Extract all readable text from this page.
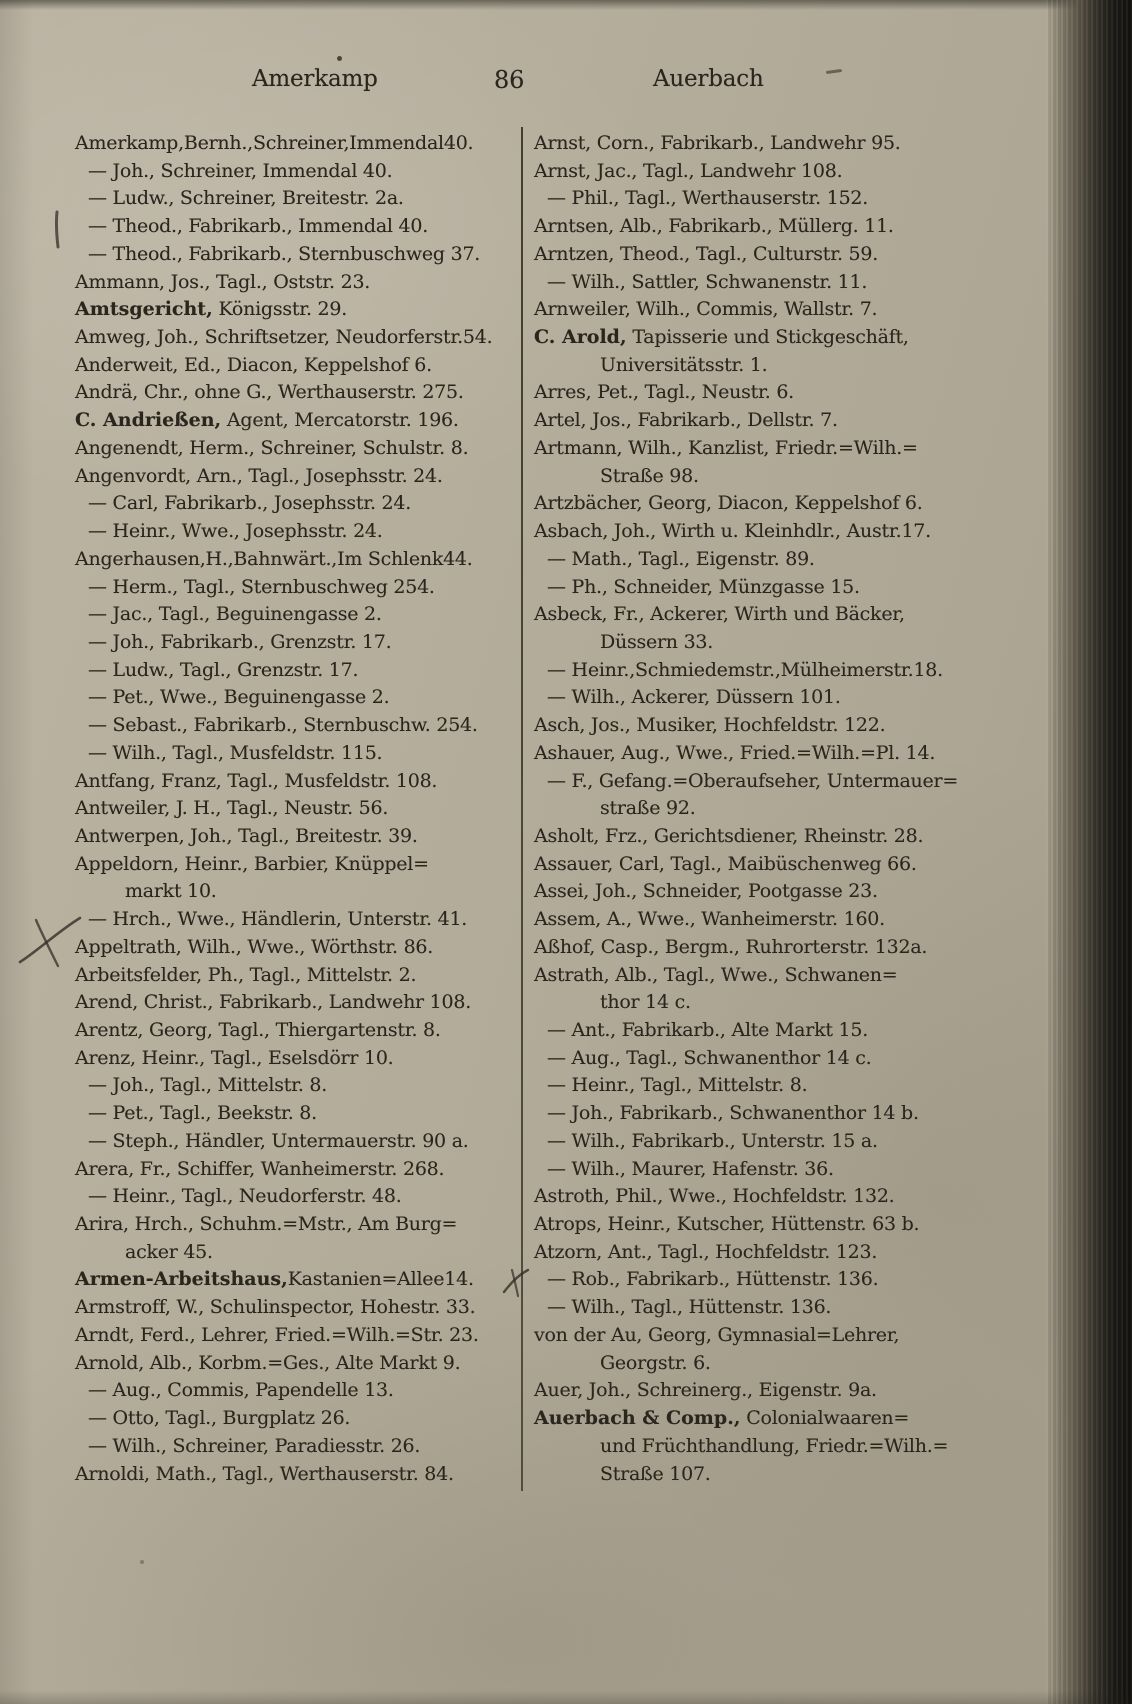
Amerkamp	86	Auerbach
Amerkamp,Bernh.,Schreiner,Immendal40.
— Joh., Schreiner, Immendal 40.
— Ludw., Schreiner, Breitestr. 2a.
— Theod., Fabrikarb., Immendal 40.
— Theod., Fabrikarb., Sternbuschweg 37.
Ammann, Jos., Tagl., Oststr. 23.
Amtsgericht, Königsstr. 29.
Amweg, Joh., Schriftsetzer, Neudorferstr.54.
Anderweit, Ed., Diacon, Keppelshof 6.
Andrä, Chr., ohne G., Werthauserstr. 275.
C. Andrießen, Agent, Mercatorstr. 196.
Angenendt, Herm., Schreiner, Schulstr. 8.
Angenvordt, Arn., Tagl., Josephsstr. 24.
— Carl, Fabrikarb., Josephsstr. 24.
— Heinr., Wwe., Josephsstr. 24.
Angerhausen,H.,Bahnwärt.,Im Schlenk44.
— Herm., Tagl., Sternbuschweg 254.
— Jac., Tagl., Beguinengasse 2.
— Joh., Fabrikarb., Grenzstr. 17.
— Ludw., Tagl., Grenzstr. 17.
— Pet., Wwe., Beguinengasse 2.
— Sebast., Fabrikarb., Sternbuschw. 254.
— Wilh., Tagl., Musfeldstr. 115.
Antfang, Franz, Tagl., Musfeldstr. 108.
Antweiler, J. H., Tagl., Neustr. 56.
Antwerpen, Joh., Tagl., Breitestr. 39.
Appeldorn, Heinr., Barbier, Knüppel=
markt 10.
— Hrch., Wwe., Händlerin, Unterstr. 41.
Appeltrath, Wilh., Wwe., Wörthstr. 86.
Arbeitsfelder, Ph., Tagl., Mittelstr. 2.
Arend, Christ., Fabrikarb., Landwehr 108.
Arentz, Georg, Tagl., Thiergartenstr. 8.
Arenz, Heinr., Tagl., Eselsdörr 10.
— Joh., Tagl., Mittelstr. 8.
— Pet., Tagl., Beekstr. 8.
— Steph., Händler, Untermauerstr. 90 a.
Arera, Fr., Schiffer, Wanheimerstr. 268.
— Heinr., Tagl., Neudorferstr. 48.
Arira, Hrch., Schuhm.=Mstr., Am Burg=
acker 45.
Armen-Arbeitshaus,Kastanien=Allee14.
Armstroff, W., Schulinspector, Hohestr. 33.
Arndt, Ferd., Lehrer, Fried.=Wilh.=Str. 23.
Arnold, Alb., Korbm.=Ges., Alte Markt 9.
— Aug., Commis, Papendelle 13.
— Otto, Tagl., Burgplatz 26.
— Wilh., Schreiner, Paradiesstr. 26.
Arnoldi, Math., Tagl., Werthauserstr. 84.
Arnst, Corn., Fabrikarb., Landwehr 95.
Arnst, Jac., Tagl., Landwehr 108.
— Phil., Tagl., Werthauserstr. 152.
Arntsen, Alb., Fabrikarb., Müllerg. 11.
Arntzen, Theod., Tagl., Culturstr. 59.
— Wilh., Sattler, Schwanenstr. 11.
Arnweiler, Wilh., Commis, Wallstr. 7.
C. Arold, Tapisserie und Stickgeschäft,
Universitätsstr. 1.
Arres, Pet., Tagl., Neustr. 6.
Artel, Jos., Fabrikarb., Dellstr. 7.
Artmann, Wilh., Kanzlist, Friedr.=Wilh.=
Straße 98.
Artzbächer, Georg, Diacon, Keppelshof 6.
Asbach, Joh., Wirth u. Kleinhdlr., Austr.17.
— Math., Tagl., Eigenstr. 89.
— Ph., Schneider, Münzgasse 15.
Asbeck, Fr., Ackerer, Wirth und Bäcker,
Düssern 33.
— Heinr.,Schmiedemstr.,Mülheimerstr.18.
— Wilh., Ackerer, Düssern 101.
Asch, Jos., Musiker, Hochfeldstr. 122.
Ashauer, Aug., Wwe., Fried.=Wilh.=Pl. 14.
— F., Gefang.=Oberaufseher, Untermauer=
straße 92.
Asholt, Frz., Gerichtsdiener, Rheinstr. 28.
Assauer, Carl, Tagl., Maibüschenweg 66.
Assei, Joh., Schneider, Pootgasse 23.
Assem, A., Wwe., Wanheimerstr. 160.
Aßhof, Casp., Bergm., Ruhrorterstr. 132a.
Astrath, Alb., Tagl., Wwe., Schwanen=
thor 14 c.
— Ant., Fabrikarb., Alte Markt 15.
— Aug., Tagl., Schwanenthor 14 c.
— Heinr., Tagl., Mittelstr. 8.
— Joh., Fabrikarb., Schwanenthor 14 b.
— Wilh., Fabrikarb., Unterstr. 15 a.
— Wilh., Maurer, Hafenstr. 36.
Astroth, Phil., Wwe., Hochfeldstr. 132.
Atrops, Heinr., Kutscher, Hüttenstr. 63 b.
Atzorn, Ant., Tagl., Hochfeldstr. 123.
— Rob., Fabrikarb., Hüttenstr. 136.
— Wilh., Tagl., Hüttenstr. 136.
von der Au, Georg, Gymnasial=Lehrer,
Georgstr. 6.
Auer, Joh., Schreinerg., Eigenstr. 9a.
Auerbach & Comp., Colonialwaaren=
und Früchthandlung, Friedr.=Wilh.=
Straße 107.
